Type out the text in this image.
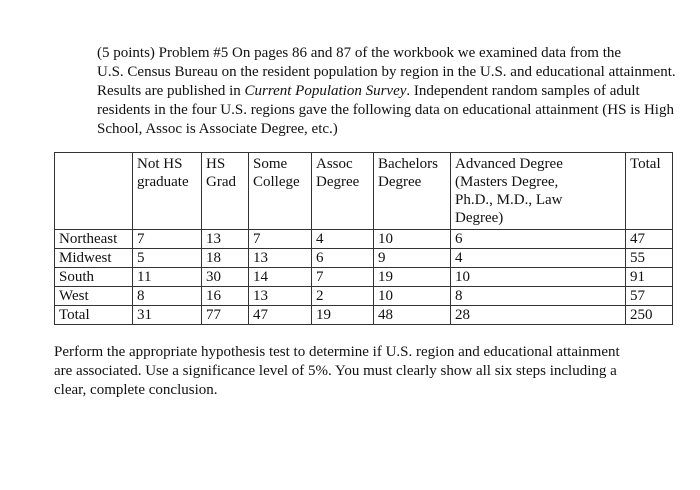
(5 points) Problem #5 On pages 86 and 87 of the workbook we examined data from the
U.S. Census Bureau on the resident population by region in the U.S. and educational attainment.
Results are published in Current Population Survey. Independent random samples of adult
residents in the four U.S. regions gave the following data on educational attainment (HS is High
School, Assoc is Associate Degree, etc.)

	Not HS
graduate	HS
Grad	Some
College	Assoc
Degree	Bachelors
Degree	Advanced Degree
(Masters Degree,
Ph.D., M.D., Law
Degree)	Total

Northeast	7	13	7	4	10	6	47
Midwest	5	18	13	6	9	4	55
South	11	30	14	7	19	10	91
West	8	16	13	2	10	8	57
Total	31	77	47	19	48	28	250
Perform the appropriate hypothesis test to determine if U.S. region and educational attainment
are associated. Use a significance level of 5%. You must clearly show all six steps including a
clear, complete conclusion.
